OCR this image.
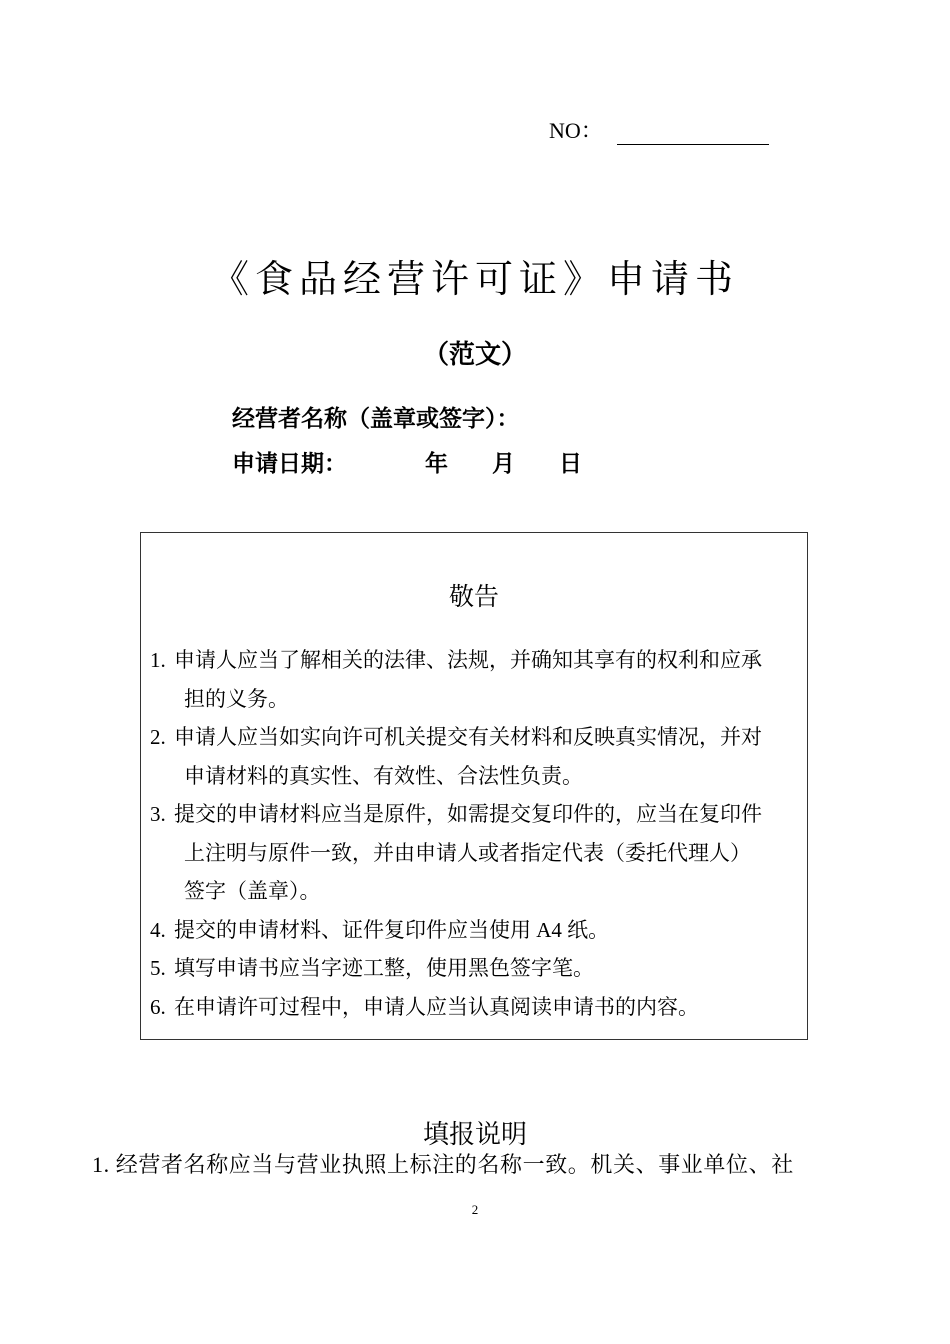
NO：
《食品经营许可证》申请书
（范文）
经营者名称（盖章或签字）：
申请日期：	年 月 日
敬告
1. 申请人应当了解相关的法律、法规，并确知其享有的权利和应承
担的义务。
2. 申请人应当如实向许可机关提交有关材料和反映真实情况，并对
申请材料的真实性、有效性、合法性负责。
3. 提交的申请材料应当是原件，如需提交复印件的，应当在复印件
上注明与原件一致，并由申请人或者指定代表（委托代理人）
签字（盖章）。
4. 提交的申请材料、证件复印件应当使用 A4 纸。
5. 填写申请书应当字迹工整，使用黑色签字笔。
6. 在申请许可过程中，申请人应当认真阅读申请书的内容。
填报说明
1. 经营者名称应当与营业执照上标注的名称一致。机关、事业单位、社
2
